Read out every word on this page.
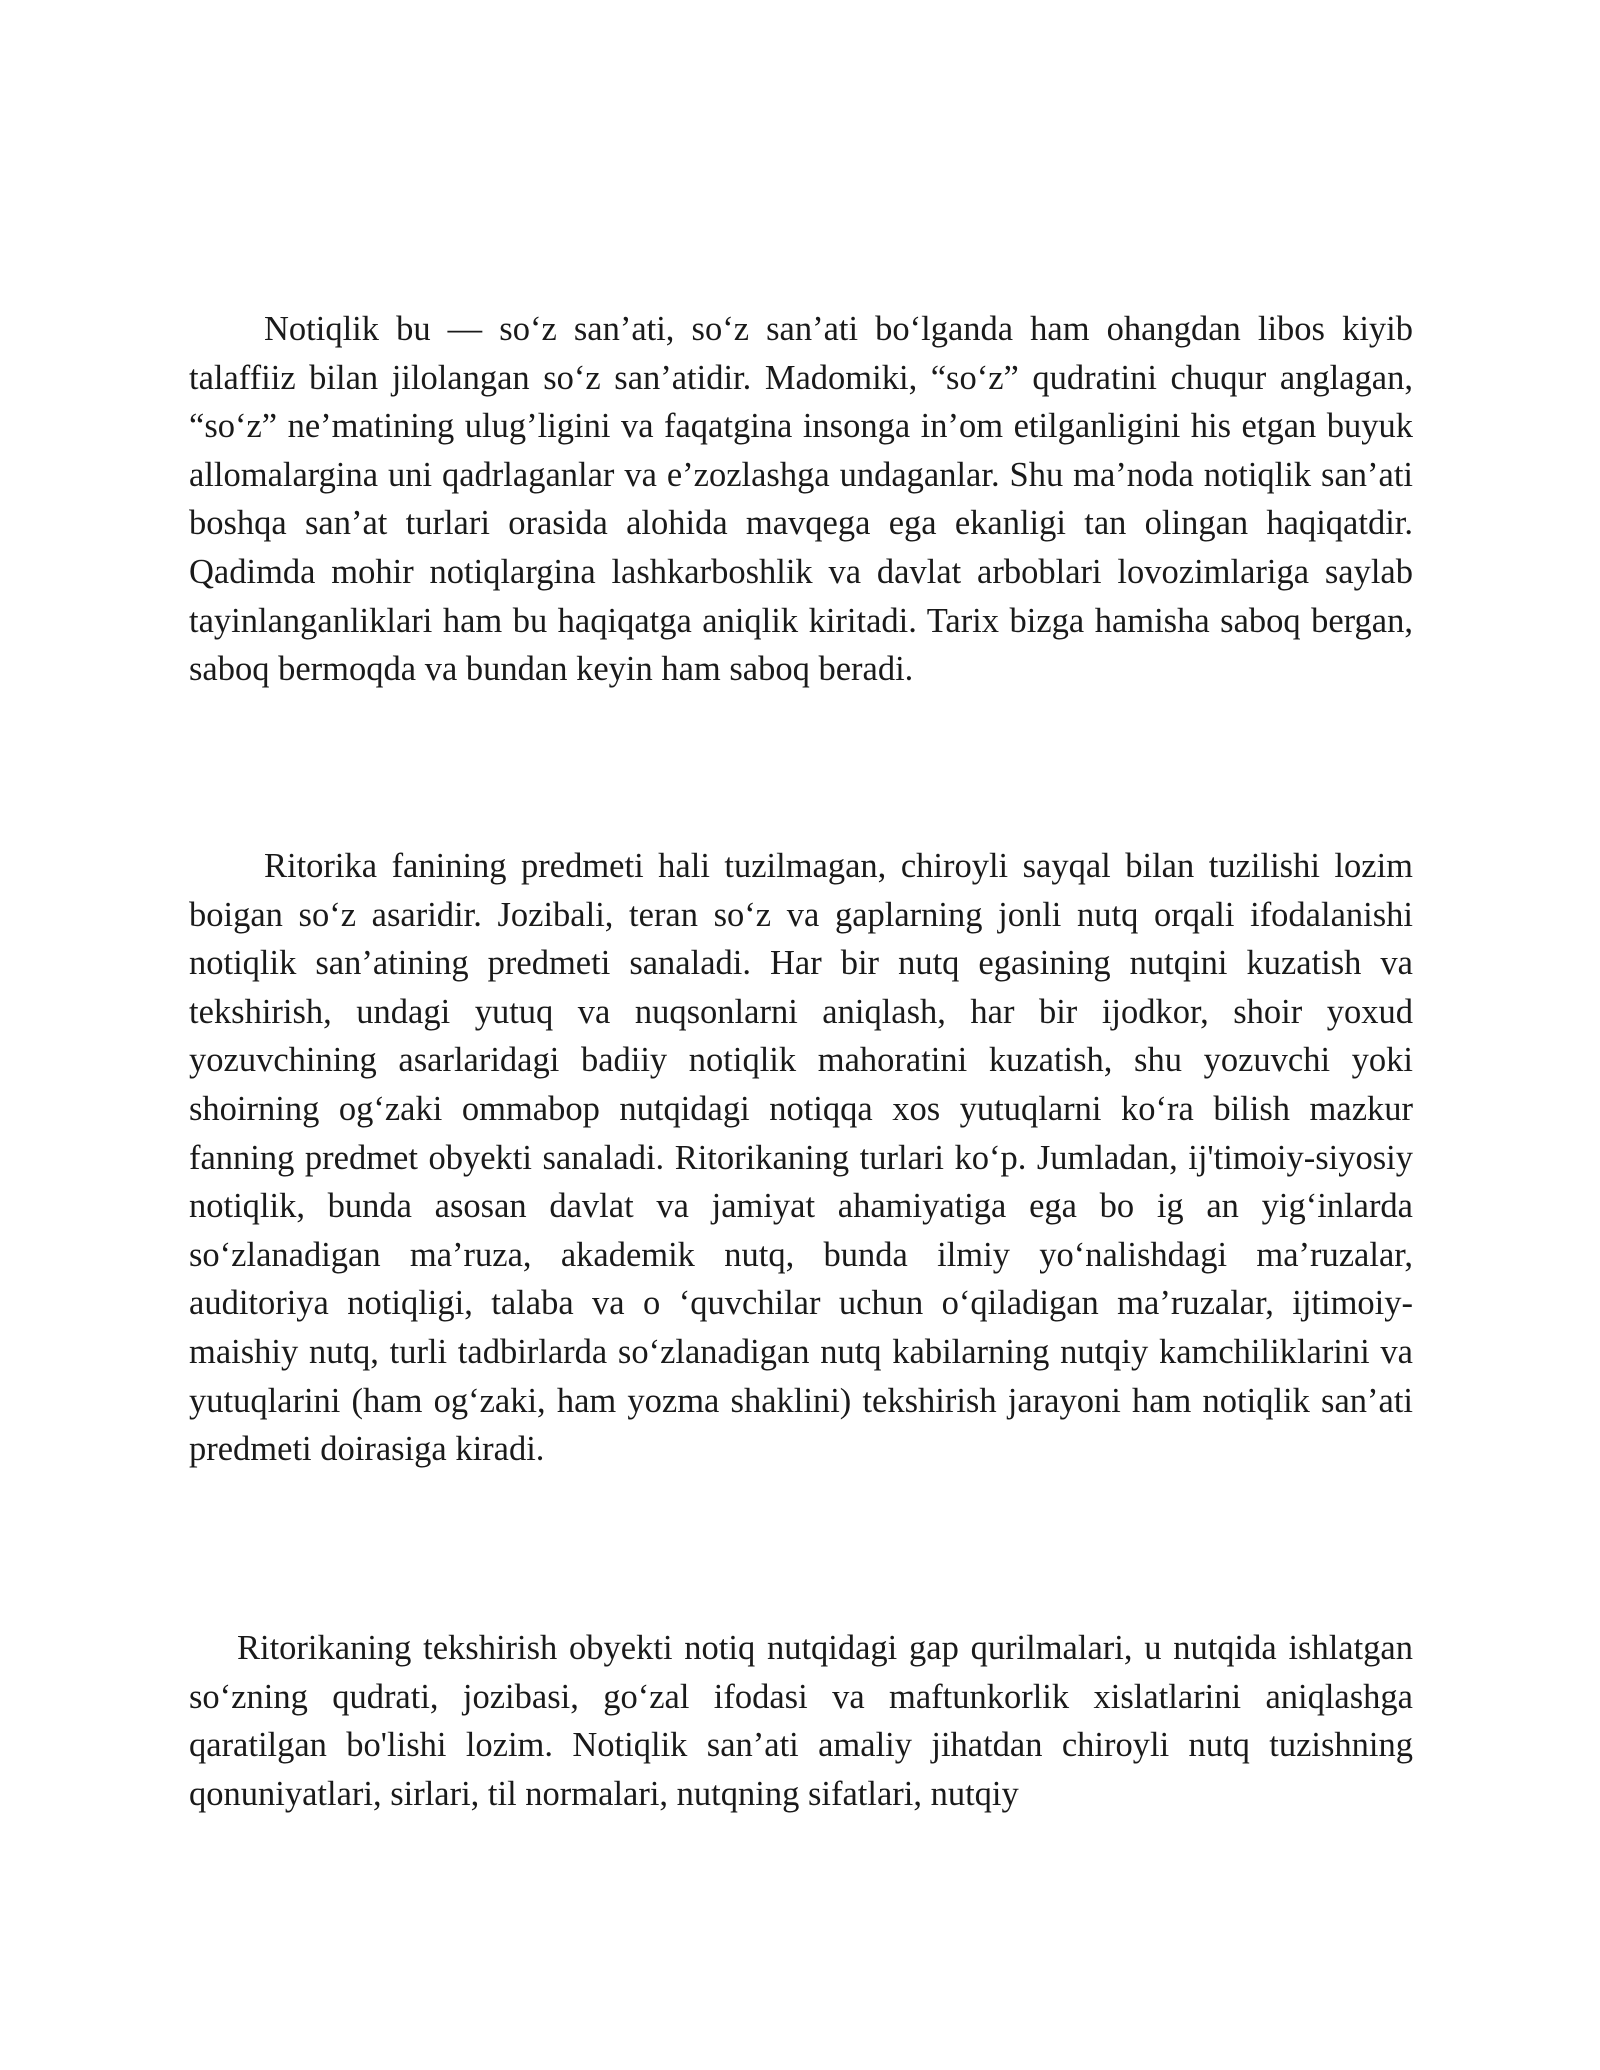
Notiqlik bu — so‘z san’ati, so‘z san’ati bo‘lganda ham ohangdan libos kiyib talaffiiz bilan jilolangan so‘z san’atidir. Madomiki, “so‘z” qudratini chuqur anglagan, “so‘z” ne’matining ulug’ligini va faqatgina insonga in’om etilganligini his etgan buyuk allomalargina uni qadrlaganlar va e’zozlashga undaganlar. Shu ma’noda notiqlik san’ati boshqa san’at turlari orasida alohida mavqega ega ekanligi tan olingan haqiqatdir. Qadimda mohir notiqlargina lashkarboshlik va davlat arboblari lovozimlariga saylab tayinlanganliklari ham bu haqiqatga aniqlik kiritadi. Tarix bizga hamisha saboq bergan, saboq bermoqda va bundan keyin ham saboq beradi.

Ritorika fanining predmeti hali tuzilmagan, chiroyli sayqal bilan tuzilishi lozim boigan so‘z asaridir. Jozibali, teran so‘z va gaplarning jonli nutq orqali ifodalanishi notiqlik san’atining predmeti sanaladi. Har bir nutq egasining nutqini kuzatish va tekshirish, undagi yutuq va nuqsonlarni aniqlash, har bir ijodkor, shoir yoxud yozuvchining asarlaridagi badiiy notiqlik mahoratini kuzatish, shu yozuvchi yoki shoirning og‘zaki ommabop nutqidagi notiqqa xos yutuqlarni ko‘ra bilish mazkur fanning predmet obyekti sanaladi. Ritorikaning turlari ko‘p. Jumladan, ij'timoiy-siyosiy notiqlik, bunda asosan davlat va jamiyat ahamiyatiga ega bo ig an yig‘inlarda so‘zlanadigan ma’ruza, akademik nutq, bunda ilmiy yo‘nalishdagi ma’ruzalar, auditoriya notiqligi, talaba va o ‘quvchilar uchun o‘qiladigan ma’ruzalar, ijtimoiy-maishiy nutq, turli tadbirlarda so‘zlanadigan nutq kabilarning nutqiy kamchiliklarini va yutuqlarini (ham og‘zaki, ham yozma shaklini) tekshirish jarayoni ham notiqlik san’ati predmeti doirasiga kiradi.

Ritorikaning tekshirish obyekti notiq nutqidagi gap qurilmalari, u nutqida ishlatgan so‘zning qudrati, jozibasi, go‘zal ifodasi va maftunkorlik xislatlarini aniqlashga qaratilgan bo'lishi lozim. Notiqlik san’ati amaliy jihatdan chiroyli nutq tuzishning qonuniyatlari, sirlari, til normalari, nutqning sifatlari, nutqiy
